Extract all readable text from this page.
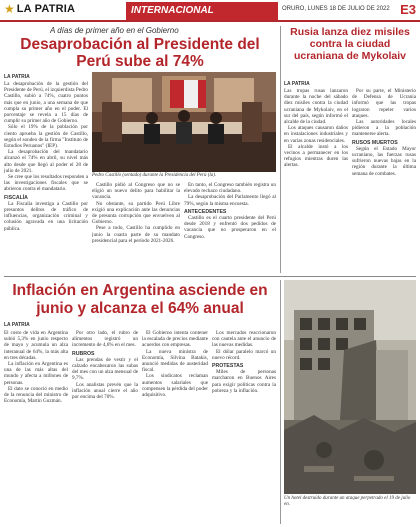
★ LA PATRIA	INTERNACIONAL	ORURO, LUNES 18 DE JULIO DE 2022 E3
A días de primer año en el Gobierno
Desaprobación al Presidente del Perú sube al 74%
LA PATRIA

La desaprobación de la gestión del Presidente de Perú, el izquierdista Pedro Castillo, subió a 74%, cuatro puntos más que en junio, a una semana de que cumpla su primer año en el poder. El porcentaje se revela a 15 días de cumplir su primer año de Gobierno.

Sólo el 19% de la población por ciento aprueba la gestión de Castillo, según el sondeo de la firma "Instituto de Estudios Peruanos" (IEP).

La desaprobación del mandatario alcanzó el 74% en abril, su nivel más alto desde que llegó al poder el 28 de julio de 2021.

Se cree que los resultados responden a las investigaciones fiscales que se abrieron contra el mandatario.

FISCALÍA

La Fiscalía investiga a Castillo por presuntos delitos de tráfico de influencias, organización criminal y colusión agravada en una licitación pública.

Pedro Castillo (sentado) durante la Presidencia del Perú (la).

Castillo pidió al Congreso que no se eligió un nuevo delito para habilitar la vacancia.

No obstante, su partido Perú Libre exigió una explicación ante las denuncias de presunta corrupción que envuelven al Gobierno.

Pese a todo, Castillo ha cumplido en junio la cuarta parte de su mandato presidencial para el período 2021-2026.

En tanto, el Congreso también registra un elevado rechazo ciudadano.

La desaprobación del Parlamento llegó al 79%, según la misma encuesta.

ANTECEDENTES

Castillo es el cuarto presidente del Perú desde 2018 y enfrentó dos pedidos de vacancia que no prosperaron en el Congreso.

Rusia lanza diez misiles contra la ciudad ucraniana de Mykolaiv
LA PATRIA

Las tropas rusas lanzaron durante la noche del sábado diez misiles contra la ciudad ucraniana de Mykolaiv, en el sur del país, según informó el alcalde de la ciudad.

Los ataques causaron daños en instalaciones industriales y en varias zonas residenciales.

El alcalde instó a los vecinos a permanecer en los refugios mientras duren las alertas.

Por su parte, el Ministerio de Defensa de Ucrania informó que las tropas lograron repeler varios ataques.

Las autoridades locales pidieron a la población mantenerse alerta.

RUSOS MUERTOS

Según el Estado Mayor ucraniano, las fuerzas rusas sufrieron nuevas bajas en la región durante la última semana de combates.

Inflación en Argentina asciende en junio y alcanza el 64% anual
LA PATRIA

El costo de vida en Argentina subió 5,3% en junio respecto de mayo y acumula un alza interanual de 64%, la más alta en tres décadas.

La inflación en Argentina es una de las más altas del mundo y afecta a millones de personas.

El dato se conoció en medio de la renuncia del ministro de Economía, Martín Guzmán.

Por otro lado, el rubro de alimentos registró un incremento de 4,6% en el mes.

RUBROS

Las prendas de vestir y el calzado encabezaron las subas del mes con un alza mensual de 9,7%.

Los analistas prevén que la inflación anual cierre el año por encima del 70%.

El Gobierno intenta contener la escalada de precios mediante acuerdos con empresas.

La nueva ministra de Economía, Silvina Batakis, anunció medidas de austeridad fiscal.

Los sindicatos reclaman aumentos salariales que compensen la pérdida del poder adquisitivo.

Los mercados reaccionaron con cautela ante el anuncio de las nuevas medidas.

El dólar paralelo marcó un nuevo récord.

PROTESTAS

Miles de personas marcharon en Buenos Aires para exigir políticas contra la pobreza y la inflación.

Un hotel destruido durante un ataque perpetrado el 19 de julio en.
